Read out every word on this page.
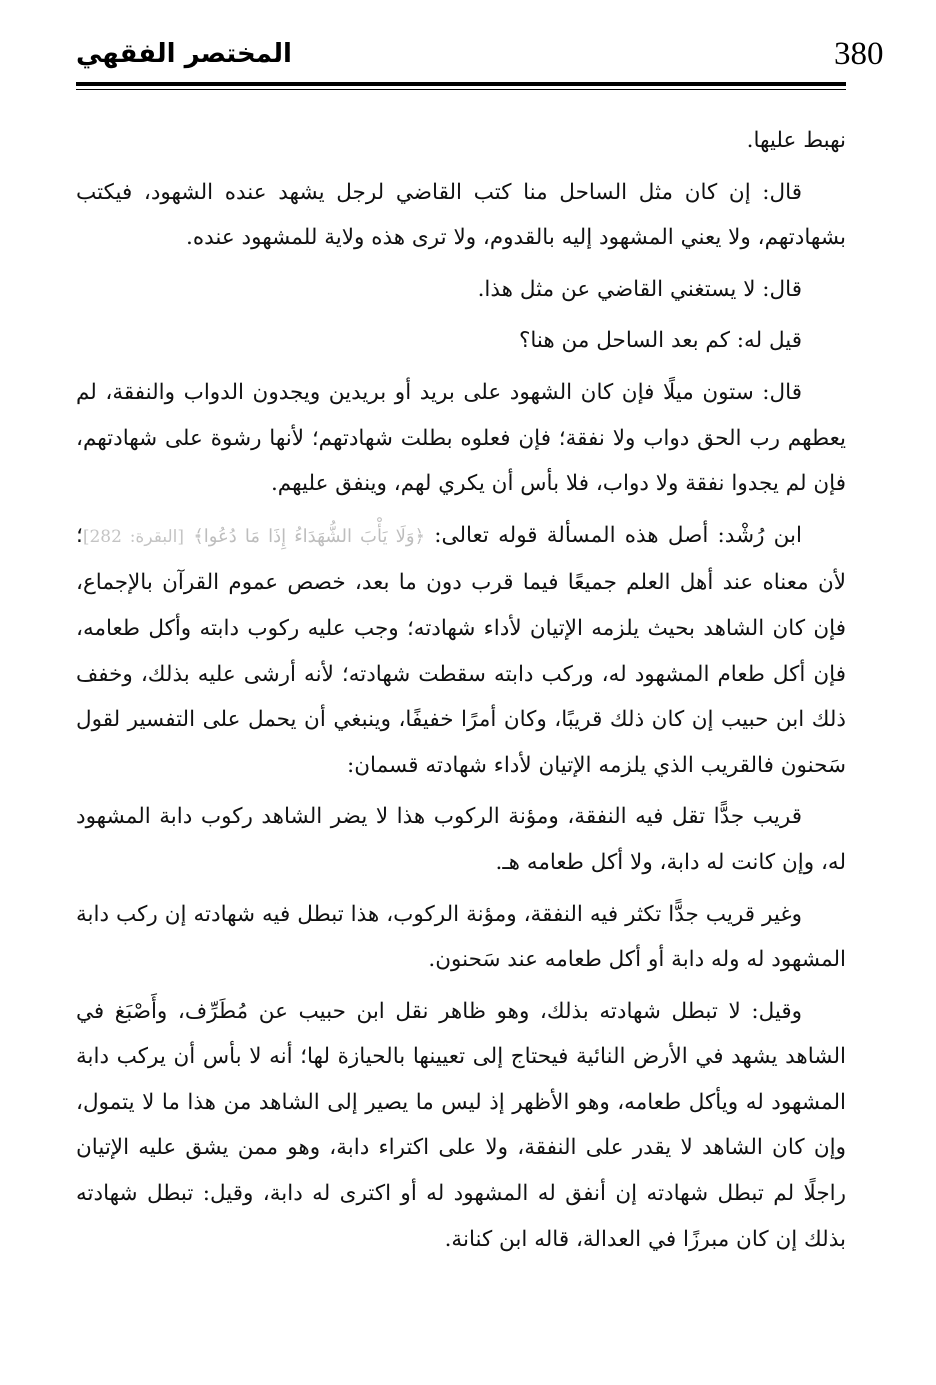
380
المختصر الفقهي

نهبط عليها.

قال: إن كان مثل الساحل منا كتب القاضي لرجل يشهد عنده الشهود، فيكتب بشهادتهم، ولا يعني المشهود إليه بالقدوم، ولا ترى هذه ولاية للمشهود عنده.

قال: لا يستغني القاضي عن مثل هذا.

قيل له: كم بعد الساحل من هنا؟

قال: ستون ميلًا فإن كان الشهود على بريد أو بريدين ويجدون الدواب والنفقة، لم يعطهم رب الحق دواب ولا نفقة؛ فإن فعلوه بطلت شهادتهم؛ لأنها رشوة على شهادتهم، فإن لم يجدوا نفقة ولا دواب، فلا بأس أن يكري لهم، وينفق عليهم.

ابن رُشْد: أصل هذه المسألة قوله تعالى: ﴿وَلَا يَأْبَ الشُّهَدَاءُ إِذَا مَا دُعُوا﴾ [البقرة: 282]؛ لأن معناه عند أهل العلم جميعًا فيما قرب دون ما بعد، خصص عموم القرآن بالإجماع، فإن كان الشاهد بحيث يلزمه الإتيان لأداء شهادته؛ وجب عليه ركوب دابته وأكل طعامه، فإن أكل طعام المشهود له، وركب دابته سقطت شهادته؛ لأنه أرشى عليه بذلك، وخفف ذلك ابن حبيب إن كان ذلك قريبًا، وكان أمرًا خفيفًا، وينبغي أن يحمل على التفسير لقول سَحنون فالقريب الذي يلزمه الإتيان لأداء شهادته قسمان:

قريب جدًّا تقل فيه النفقة، ومؤنة الركوب هذا لا يضر الشاهد ركوب دابة المشهود له، وإن كانت له دابة، ولا أكل طعامه هـ.

وغير قريب جدًّا تكثر فيه النفقة، ومؤنة الركوب، هذا تبطل فيه شهادته إن ركب دابة المشهود له وله دابة أو أكل طعامه عند سَحنون.

وقيل: لا تبطل شهادته بذلك، وهو ظاهر نقل ابن حبيب عن مُطَرِّف، وأَصْبَغ في الشاهد يشهد في الأرض النائية فيحتاج إلى تعيينها بالحيازة لها؛ أنه لا بأس أن يركب دابة المشهود له ويأكل طعامه، وهو الأظهر إذ ليس ما يصير إلى الشاهد من هذا ما لا يتمول، وإن كان الشاهد لا يقدر على النفقة، ولا على اكتراء دابة، وهو ممن يشق عليه الإتيان راجلًا لم تبطل شهادته إن أنفق له المشهود له أو اكترى له دابة، وقيل: تبطل شهادته بذلك إن كان مبرزًا في العدالة، قاله ابن كنانة.
